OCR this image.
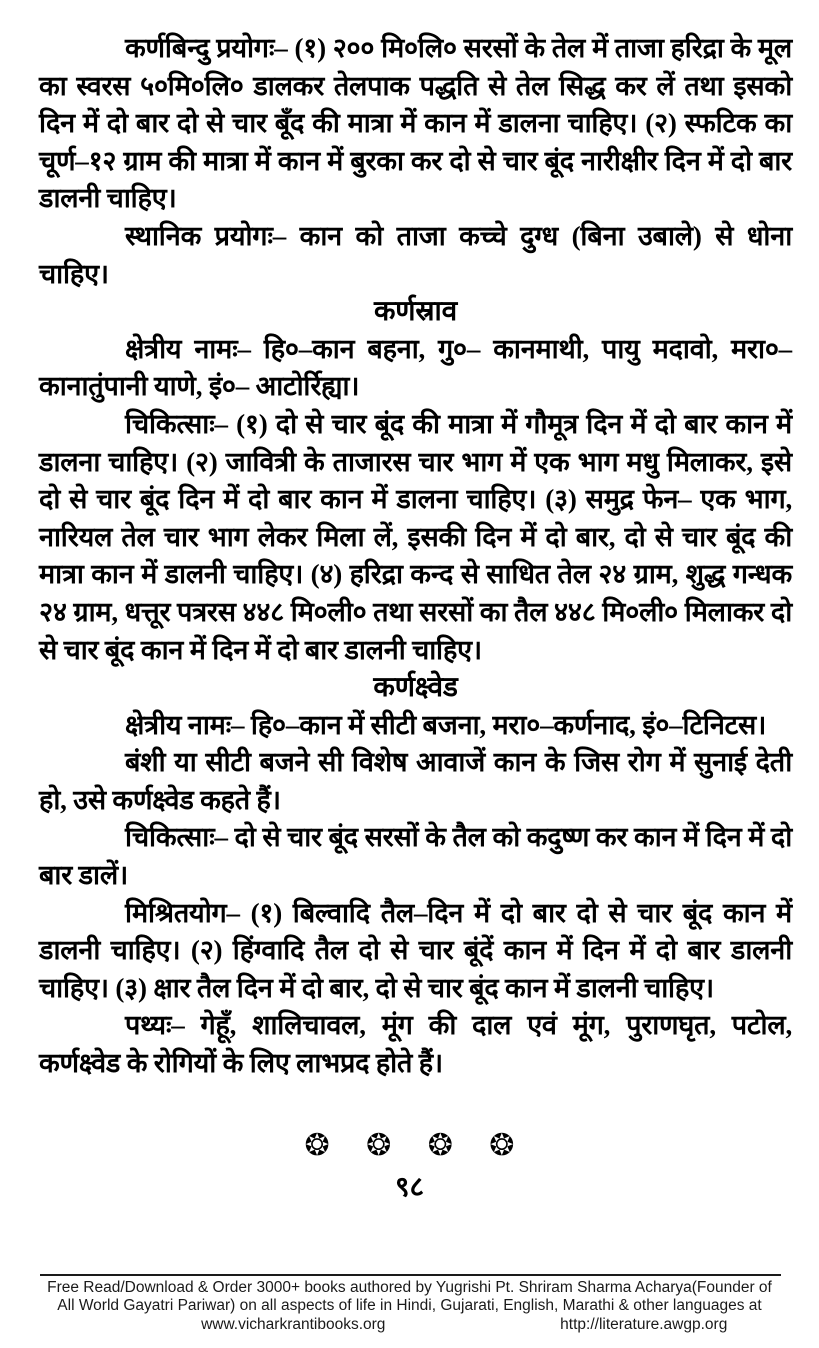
कर्णबिन्दु प्रयोगः– (१) २०० मि०लि० सरसों के तेल में ताजा हरिद्रा के मूल का स्वरस ५०मि०लि० डालकर तेलपाक पद्धति से तेल सिद्ध कर लें तथा इसको दिन में दो बार दो से चार बूँद की मात्रा में कान में डालना चाहिए। (२) स्फटिक का चूर्ण–१२ ग्राम की मात्रा में कान में बुरका कर दो से चार बूंद नारीक्षीर दिन में दो बार डालनी चाहिए।

स्थानिक प्रयोगः– कान को ताजा कच्चे दुग्ध (बिना उबाले) से धोना चाहिए।

कर्णस्राव

क्षेत्रीय नामः– हि०–कान बहना, गु०– कानमाथी, पायु मदावो, मरा०– कानातुंपानी याणे, इं०– आटोर्रिह्या।

चिकित्साः– (१) दो से चार बूंद की मात्रा में गौमूत्र दिन में दो बार कान में डालना चाहिए। (२) जावित्री के ताजारस चार भाग में एक भाग मधु मिलाकर, इसे दो से चार बूंद दिन में दो बार कान में डालना चाहिए। (३) समुद्र फेन– एक भाग, नारियल तेल चार भाग लेकर मिला लें, इसकी दिन में दो बार, दो से चार बूंद की मात्रा कान में डालनी चाहिए। (४) हरिद्रा कन्द से साधित तेल २४ ग्राम, शुद्ध गन्धक २४ ग्राम, धत्तूर पत्ररस ४४८ मि०ली० तथा सरसों का तैल ४४८ मि०ली० मिलाकर दो से चार बूंद कान में दिन में दो बार डालनी चाहिए।

कर्णक्ष्वेड

क्षेत्रीय नामः– हि०–कान में सीटी बजना, मरा०–कर्णनाद, इं०–टिनिटस।

बंशी या सीटी बजने सी विशेष आवाजें कान के जिस रोग में सुनाई देती हो, उसे कर्णक्ष्वेड कहते हैं।

चिकित्साः– दो से चार बूंद सरसों के तैल को कदुष्ण कर कान में दिन में दो बार डालें।

मिश्रितयोग– (१) बिल्वादि तैल–दिन में दो बार दो से चार बूंद कान में डालनी चाहिए। (२) हिंग्वादि तैल दो से चार बूंदें कान में दिन में दो बार डालनी चाहिए। (३) क्षार तैल दिन में दो बार, दो से चार बूंद कान में डालनी चाहिए।

पथ्यः– गेहूँ, शालिचावल, मूंग की दाल एवं मूंग, पुराणघृत, पटोल, कर्णक्ष्वेड के रोगियों के लिए लाभप्रद होते हैं।

❂ ❂ ❂ ❂
९८
Free Read/Download & Order 3000+ books authored by Yugrishi Pt. Shriram Sharma Acharya(Founder of
All World Gayatri Pariwar) on all aspects of life in Hindi, Gujarati, English, Marathi & other languages at
www.vicharkrantibooks.org	http://literature.awgp.org
